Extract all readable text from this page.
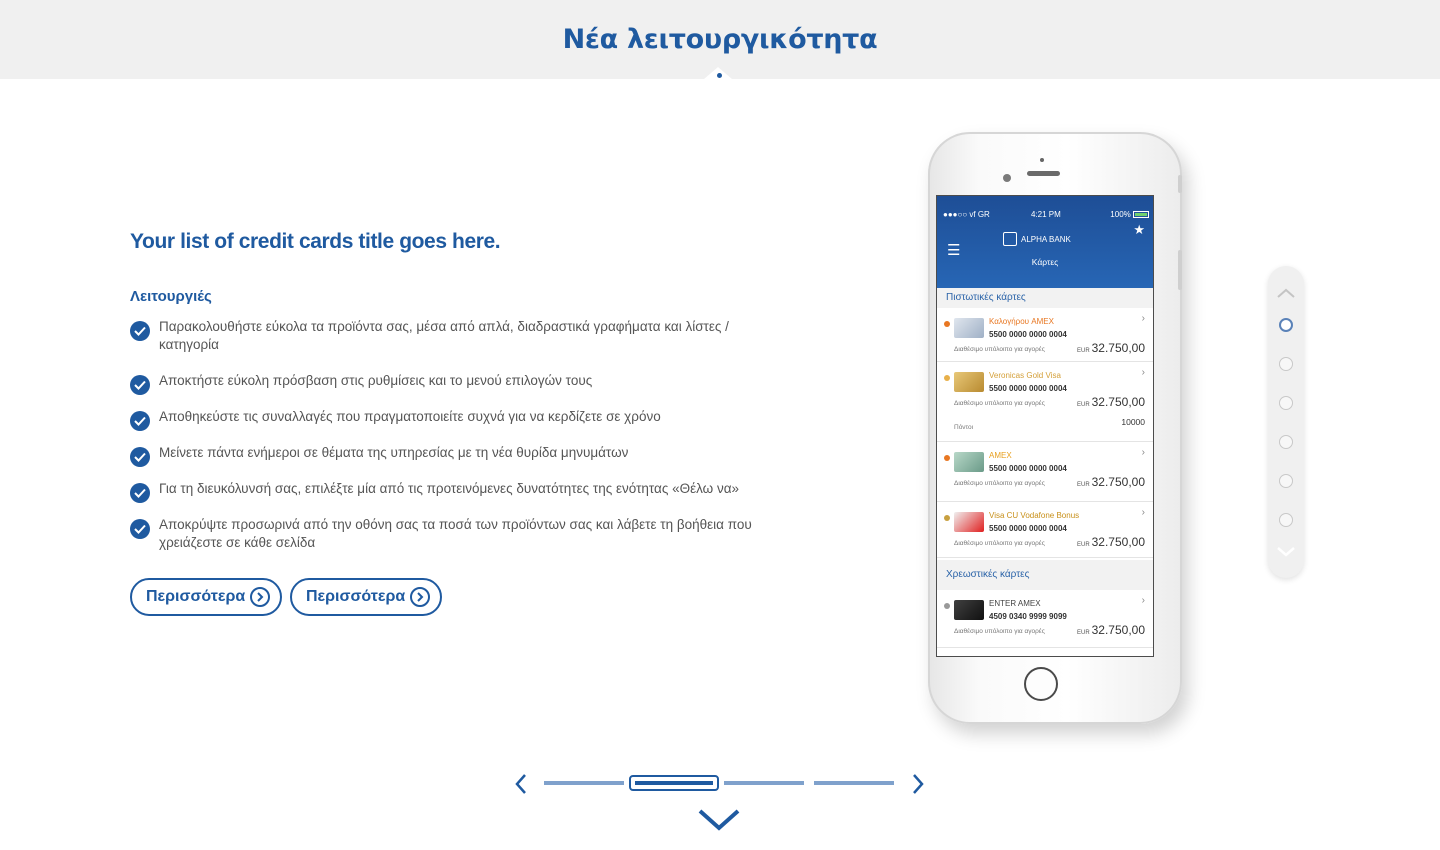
Νέα λειτουργικότητα
Your list of credit cards title goes here.
Λειτουργιές
Παρακολουθήστε εύκολα τα προϊόντα σας, μέσα από απλά, διαδραστικά γραφήματα και λίστες / κατηγορία
Αποκτήστε εύκολη πρόσβαση στις ρυθμίσεις και το μενού επιλογών τους
Αποθηκεύστε τις συναλλαγές που πραγματοποιείτε συχνά για να κερδίζετε σε χρόνο
Μείνετε πάντα ενήμεροι σε θέματα της υπηρεσίας με τη νέα θυρίδα μηνυμάτων
Για τη διευκόλυνσή σας, επιλέξτε μία από τις προτεινόμενες δυνατότητες της ενότητας «Θέλω να»
Αποκρύψτε προσωρινά από την οθόνη σας τα ποσά των προϊόντων σας και λάβετε τη βοήθεια που χρειάζεστε σε κάθε σελίδα
Περισσότερα	Περισσότερα
●●●○○ vf GR	4:21 PM	100%
☰
ALPHA BANK
★
Κάρτες
Πιστωτικές κάρτες
Καλογήρου AMEX
5500 0000 0000 0004
Διαθέσιμο υπόλοιπο για αγορές	EUR 32.750,00
›
Veronicas Gold Visa
5500 0000 0000 0004
Διαθέσιμο υπόλοιπο για αγορές	EUR 32.750,00
Πόντοι
10000
›
AMEX
5500 0000 0000 0004
Διαθέσιμο υπόλοιπο για αγορές	EUR 32.750,00
›
Visa CU Vodafone Bonus
5500 0000 0000 0004
Διαθέσιμο υπόλοιπο για αγορές	EUR 32.750,00
›
Χρεωστικές κάρτες
ENTER AMEX
4509 0340 9999 9099
Διαθέσιμο υπόλοιπο για αγορές	EUR 32.750,00
›
